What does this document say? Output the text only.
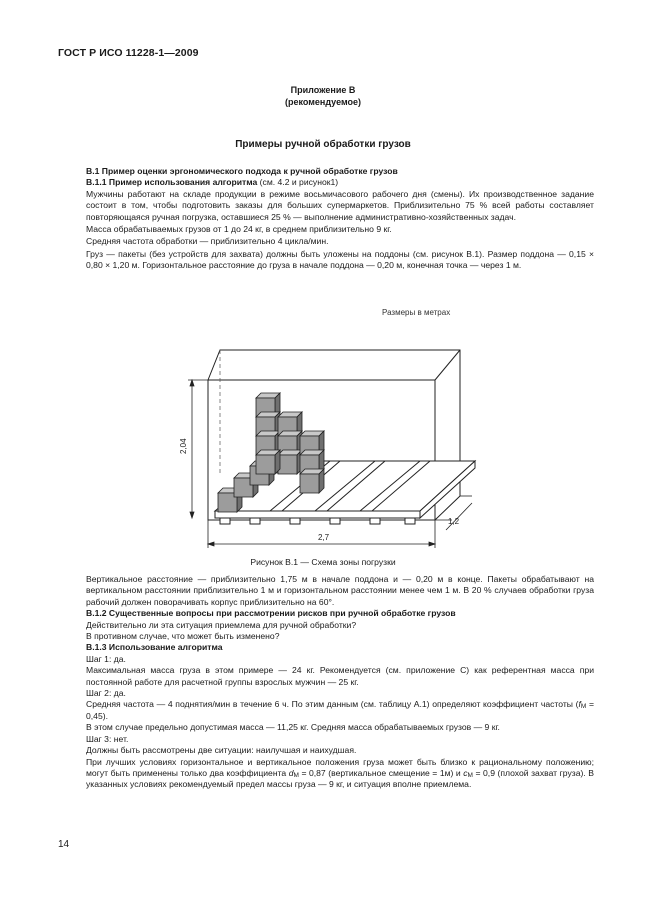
ГОСТ Р ИСО 11228-1—2009
Приложение В
(рекомендуемое)
Примеры ручной обработки грузов

В.1 Пример оценки эргономического подхода к ручной обработке грузов

В.1.1 Пример использования алгоритма (см. 4.2 и рисунок1)

Мужчины работают на складе продукции в режиме восьмичасового рабочего дня (смены). Их производственное задание состоит в том, чтобы подготовить заказы для больших супермаркетов. Приблизительно 75 % всей работы составляет повторяющаяся ручная погрузка, оставшиеся 25 % — выполнение административно-хозяйственных задач.

Масса обрабатываемых грузов от 1 до 24 кг, в среднем приблизительно 9 кг.

Средняя частота обработки — приблизительно 4 цикла/мин.

Груз — пакеты (без устройств для захвата) должны быть уложены на поддоны (см. рисунок В.1). Размер поддона — 0,15 × 0,80 × 1,20 м. Горизонтальное расстояние до груза в начале поддона — 0,20 м, конечная точка — через 1 м.

Размеры в метрах
2,04
2,7
1,2
Рисунок В.1 — Схема зоны погрузки

Вертикальное расстояние — приблизительно 1,75 м в начале поддона и — 0,20 м в конце. Пакеты обрабатывают на вертикальном расстоянии приблизительно 1 м и горизонтальном расстоянии менее чем 1 м. В 20 % случаев обработки груза рабочий должен поворачивать корпус приблизительно на 60°.

В.1.2 Существенные вопросы при рассмотрении рисков при ручной обработке грузов

Действительно ли эта ситуация приемлема для ручной обработки?

В противном случае, что может быть изменено?

В.1.3 Использование алгоритма

Шаг 1: да.

Максимальная масса груза в этом примере — 24 кг. Рекомендуется (см. приложение С) как референтная масса при постоянной работе для расчетной группы взрослых мужчин — 25 кг.

Шаг 2: да.

Средняя частота — 4 поднятия/мин в течение 6 ч. По этим данным (см. таблицу А.1) определяют коэффициент частоты $(f_M = 0,45)$.

В этом случае предельно допустимая масса — 11,25 кг. Средняя масса обрабатываемых грузов — 9 кг.

Шаг 3: нет.

Должны быть рассмотрены две ситуации: наилучшая и наихудшая.

При лучших условиях горизонтальное и вертикальное положения груза может быть близко к рациональному положению; могут быть применены только два коэффициента $d_M = 0,87$ (вертикальное смещение = 1м) и $c_M = 0,9$ (плохой захват груза). В указанных условиях рекомендуемый предел массы груза — 9 кг, и ситуация вполне приемлема.

14
